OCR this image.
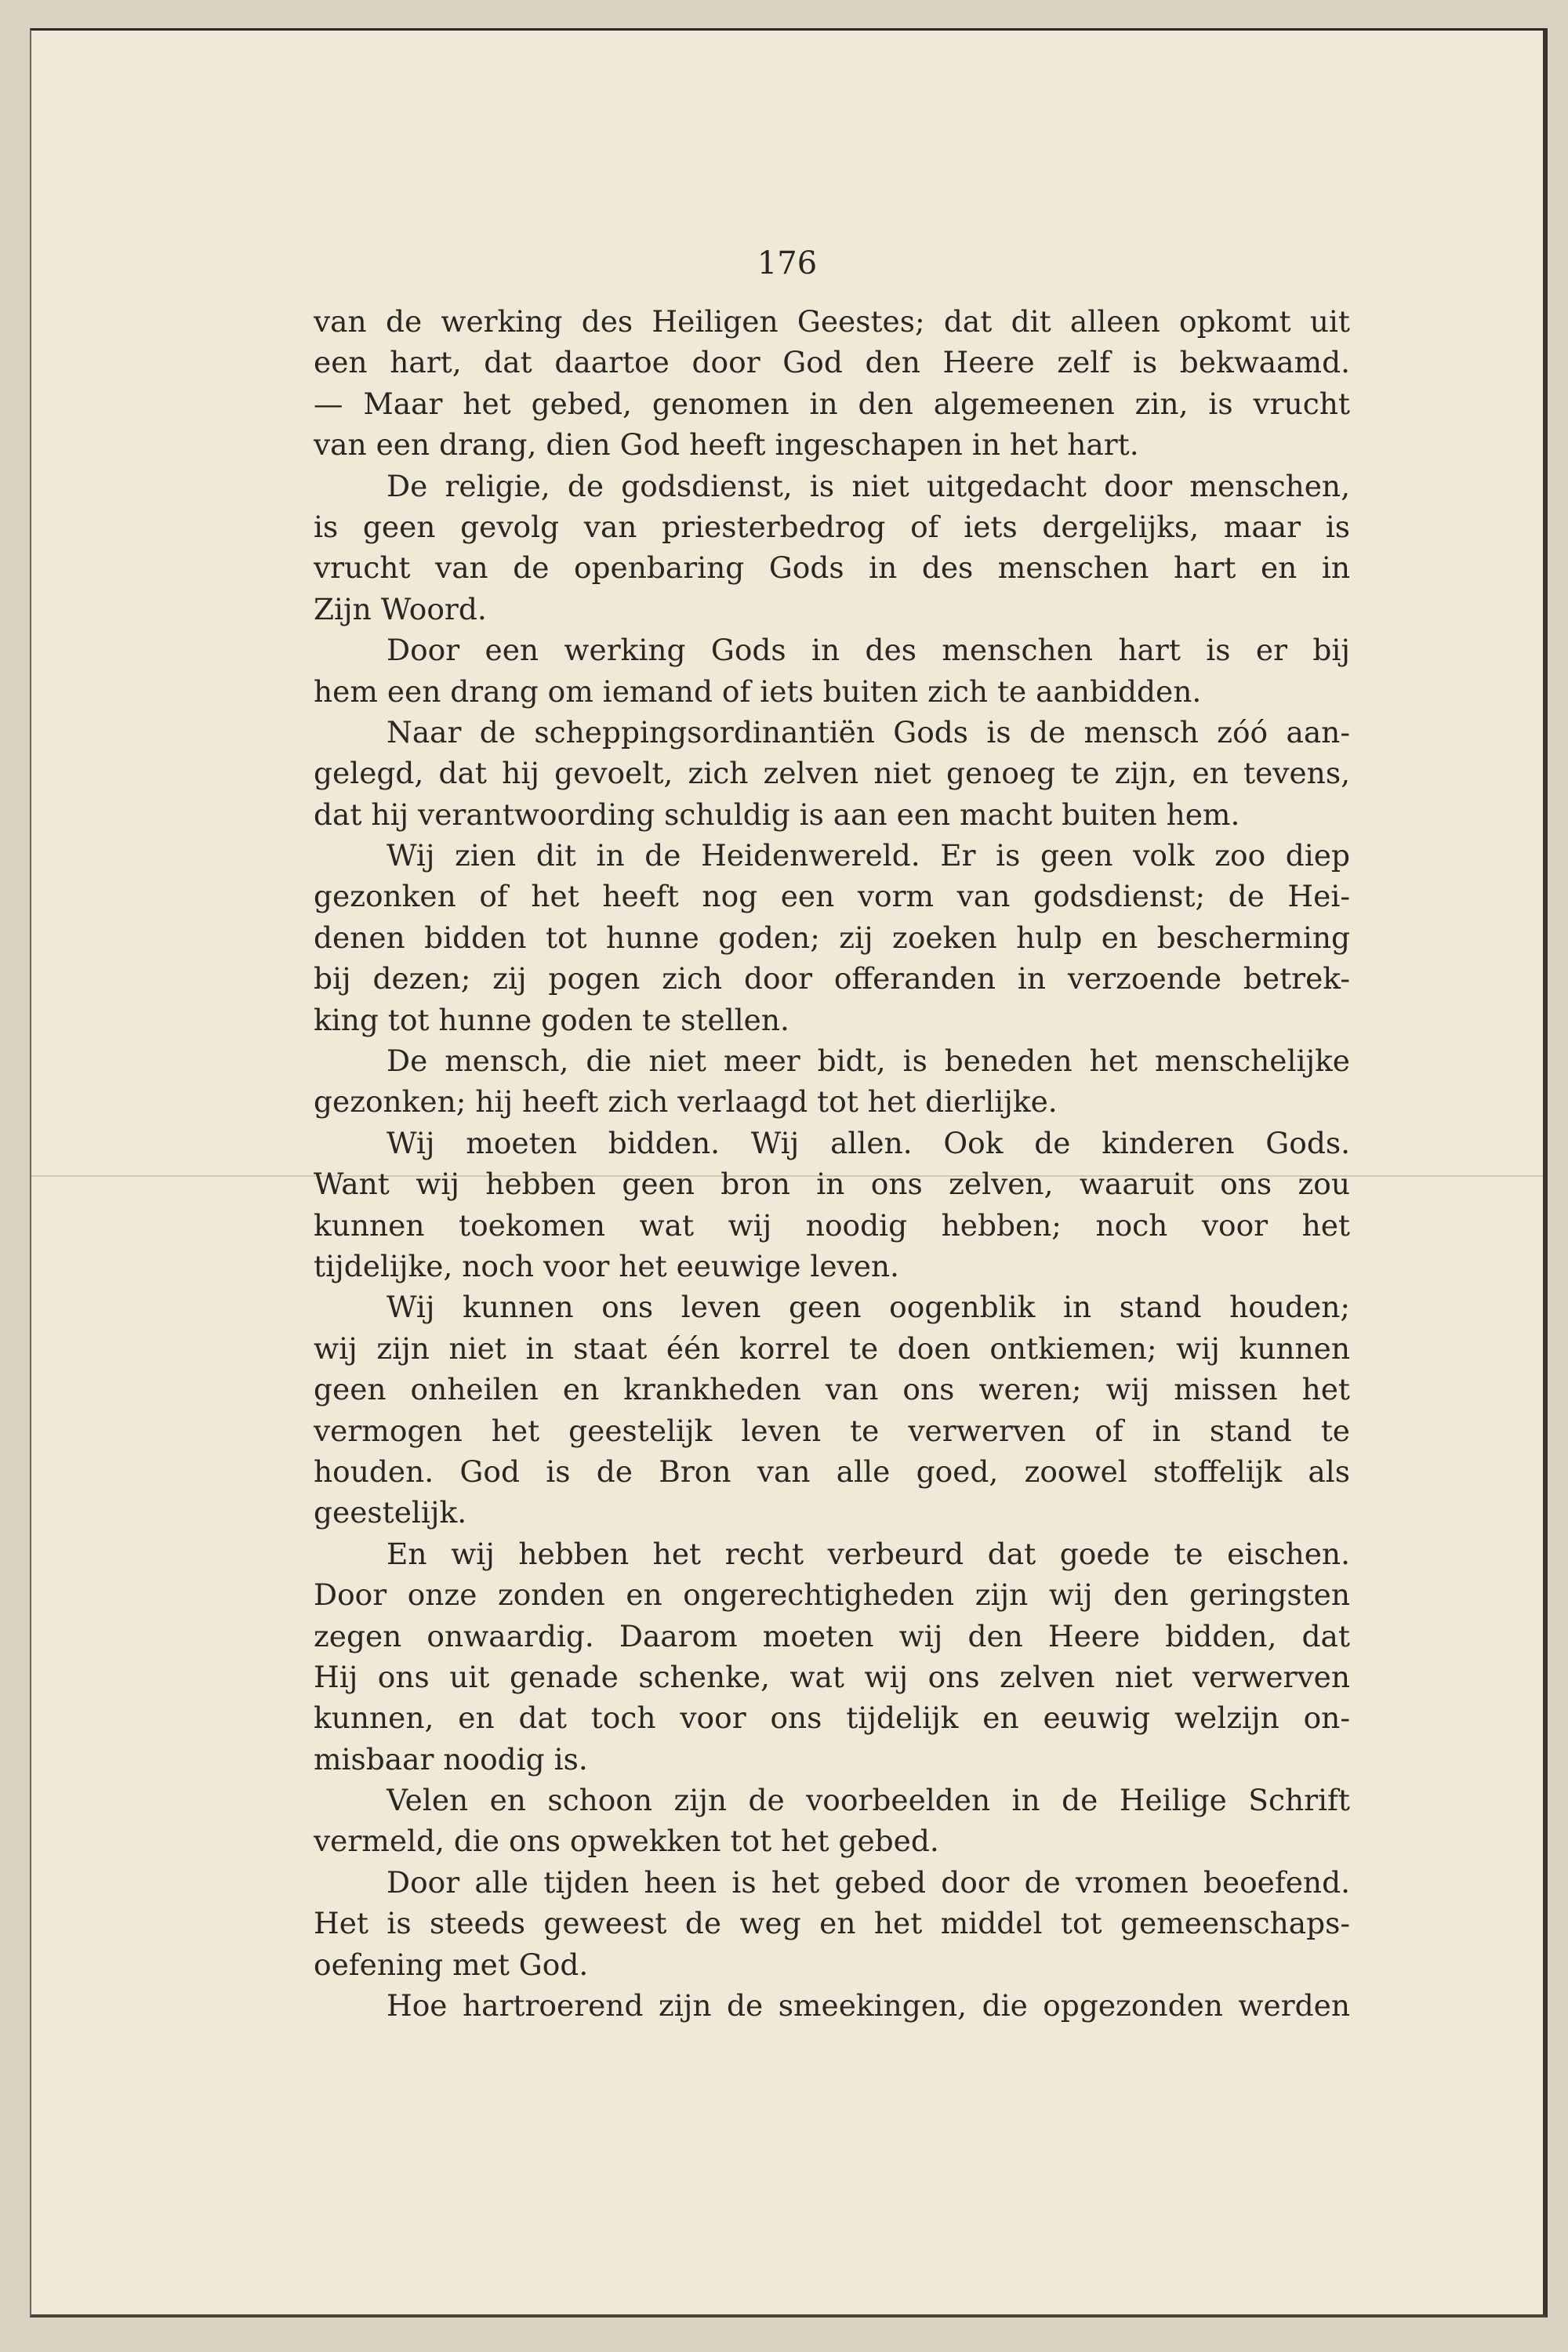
176
van de werking des Heiligen Geestes; dat dit alleen opkomt uit
een hart, dat daartoe door God den Heere zelf is bekwaamd.
— Maar het gebed, genomen in den algemeenen zin, is vrucht
van een drang, dien God heeft ingeschapen in het hart.
De religie, de godsdienst, is niet uitgedacht door menschen,
is geen gevolg van priesterbedrog of iets dergelijks, maar is
vrucht van de openbaring Gods in des menschen hart en in
Zijn Woord.
Door een werking Gods in des menschen hart is er bij
hem een drang om iemand of iets buiten zich te aanbidden.
Naar de scheppingsordinantiën Gods is de mensch zóó aan-
gelegd, dat hij gevoelt, zich zelven niet genoeg te zijn, en tevens,
dat hij verantwoording schuldig is aan een macht buiten hem.
Wij zien dit in de Heidenwereld. Er is geen volk zoo diep
gezonken of het heeft nog een vorm van godsdienst; de Hei-
denen bidden tot hunne goden; zij zoeken hulp en bescherming
bij dezen; zij pogen zich door offeranden in verzoende betrek-
king tot hunne goden te stellen.
De mensch, die niet meer bidt, is beneden het menschelijke
gezonken; hij heeft zich verlaagd tot het dierlijke.
Wij moeten bidden. Wij allen. Ook de kinderen Gods.
Want wij hebben geen bron in ons zelven, waaruit ons zou
kunnen toekomen wat wij noodig hebben; noch voor het
tijdelijke, noch voor het eeuwige leven.
Wij kunnen ons leven geen oogenblik in stand houden;
wij zijn niet in staat één korrel te doen ontkiemen; wij kunnen
geen onheilen en krankheden van ons weren; wij missen het
vermogen het geestelijk leven te verwerven of in stand te
houden. God is de Bron van alle goed, zoowel stoffelijk als
geestelijk.
En wij hebben het recht verbeurd dat goede te eischen.
Door onze zonden en ongerechtigheden zijn wij den geringsten
zegen onwaardig. Daarom moeten wij den Heere bidden, dat
Hij ons uit genade schenke, wat wij ons zelven niet verwerven
kunnen, en dat toch voor ons tijdelijk en eeuwig welzijn on-
misbaar noodig is.
Velen en schoon zijn de voorbeelden in de Heilige Schrift
vermeld, die ons opwekken tot het gebed.
Door alle tijden heen is het gebed door de vromen beoefend.
Het is steeds geweest de weg en het middel tot gemeenschaps-
oefening met God.
Hoe hartroerend zijn de smeekingen, die opgezonden werden
